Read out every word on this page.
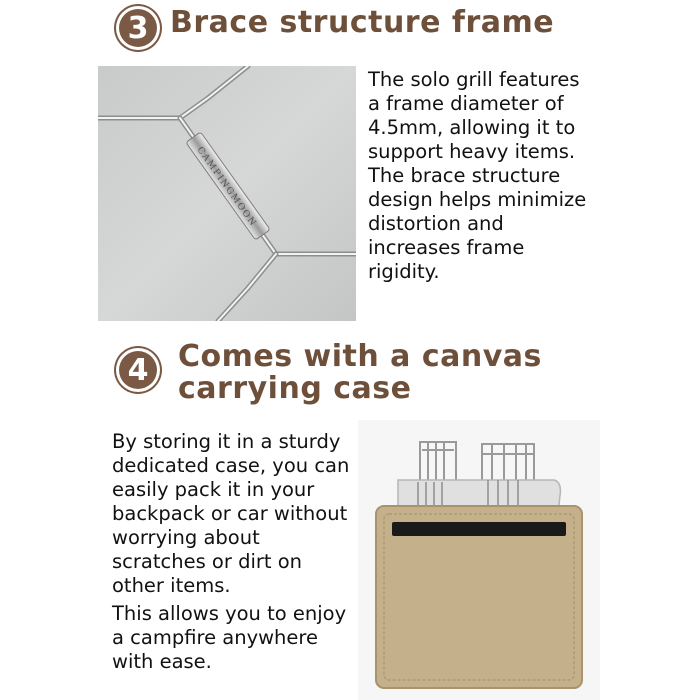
3 Brace structure frame
CAMPINGMOON

The solo grill features a frame diameter of 4.5mm, allowing it to support heavy items. The brace structure design helps minimize distortion and increases frame rigidity.

4 Comes with a canvas
carrying case

By storing it in a sturdy dedicated case, you can easily pack it in your backpack or car without worrying about scratches or dirt on other items.

This allows you to enjoy a campfire anywhere with ease.
